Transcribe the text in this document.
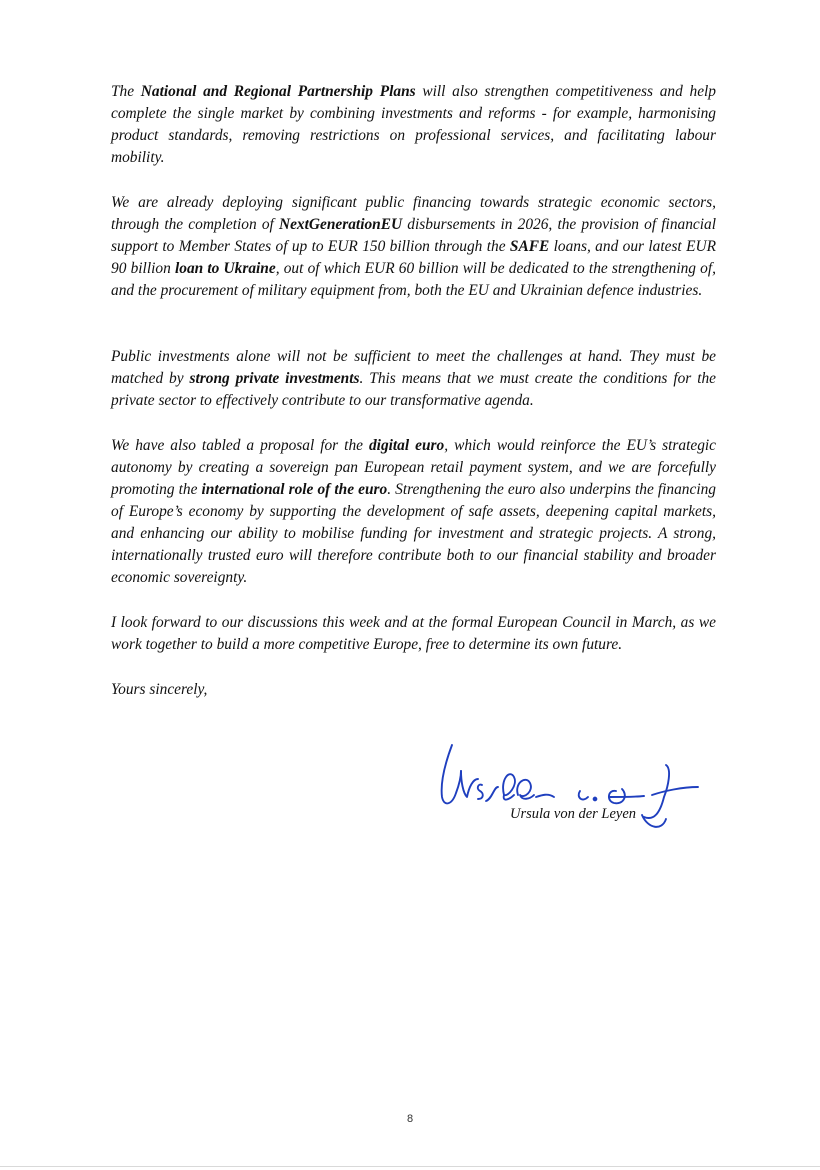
The National and Regional Partnership Plans will also strengthen competitiveness and help complete the single market by combining investments and reforms - for example, harmonising product standards, removing restrictions on professional services, and facilitating labour mobility.

We are already deploying significant public financing towards strategic economic sectors, through the completion of NextGenerationEU disbursements in 2026, the provision of financial support to Member States of up to EUR 150 billion through the SAFE loans, and our latest EUR 90 billion loan to Ukraine, out of which EUR 60 billion will be dedicated to the strengthening of, and the procurement of military equipment from, both the EU and Ukrainian defence industries.

Public investments alone will not be sufficient to meet the challenges at hand. They must be matched by strong private investments. This means that we must create the conditions for the private sector to effectively contribute to our transformative agenda.

We have also tabled a proposal for the digital euro, which would reinforce the EU’s strategic autonomy by creating a sovereign pan European retail payment system, and we are forcefully promoting the international role of the euro. Strengthening the euro also underpins the financing of Europe’s economy by supporting the development of safe assets, deepening capital markets, and enhancing our ability to mobilise funding for investment and strategic projects. A strong, internationally trusted euro will therefore contribute both to our financial stability and broader economic sovereignty.

I look forward to our discussions this week and at the formal European Council in March, as we work together to build a more competitive Europe, free to determine its own future.

Yours sincerely,
Ursula von der Leyen
8
